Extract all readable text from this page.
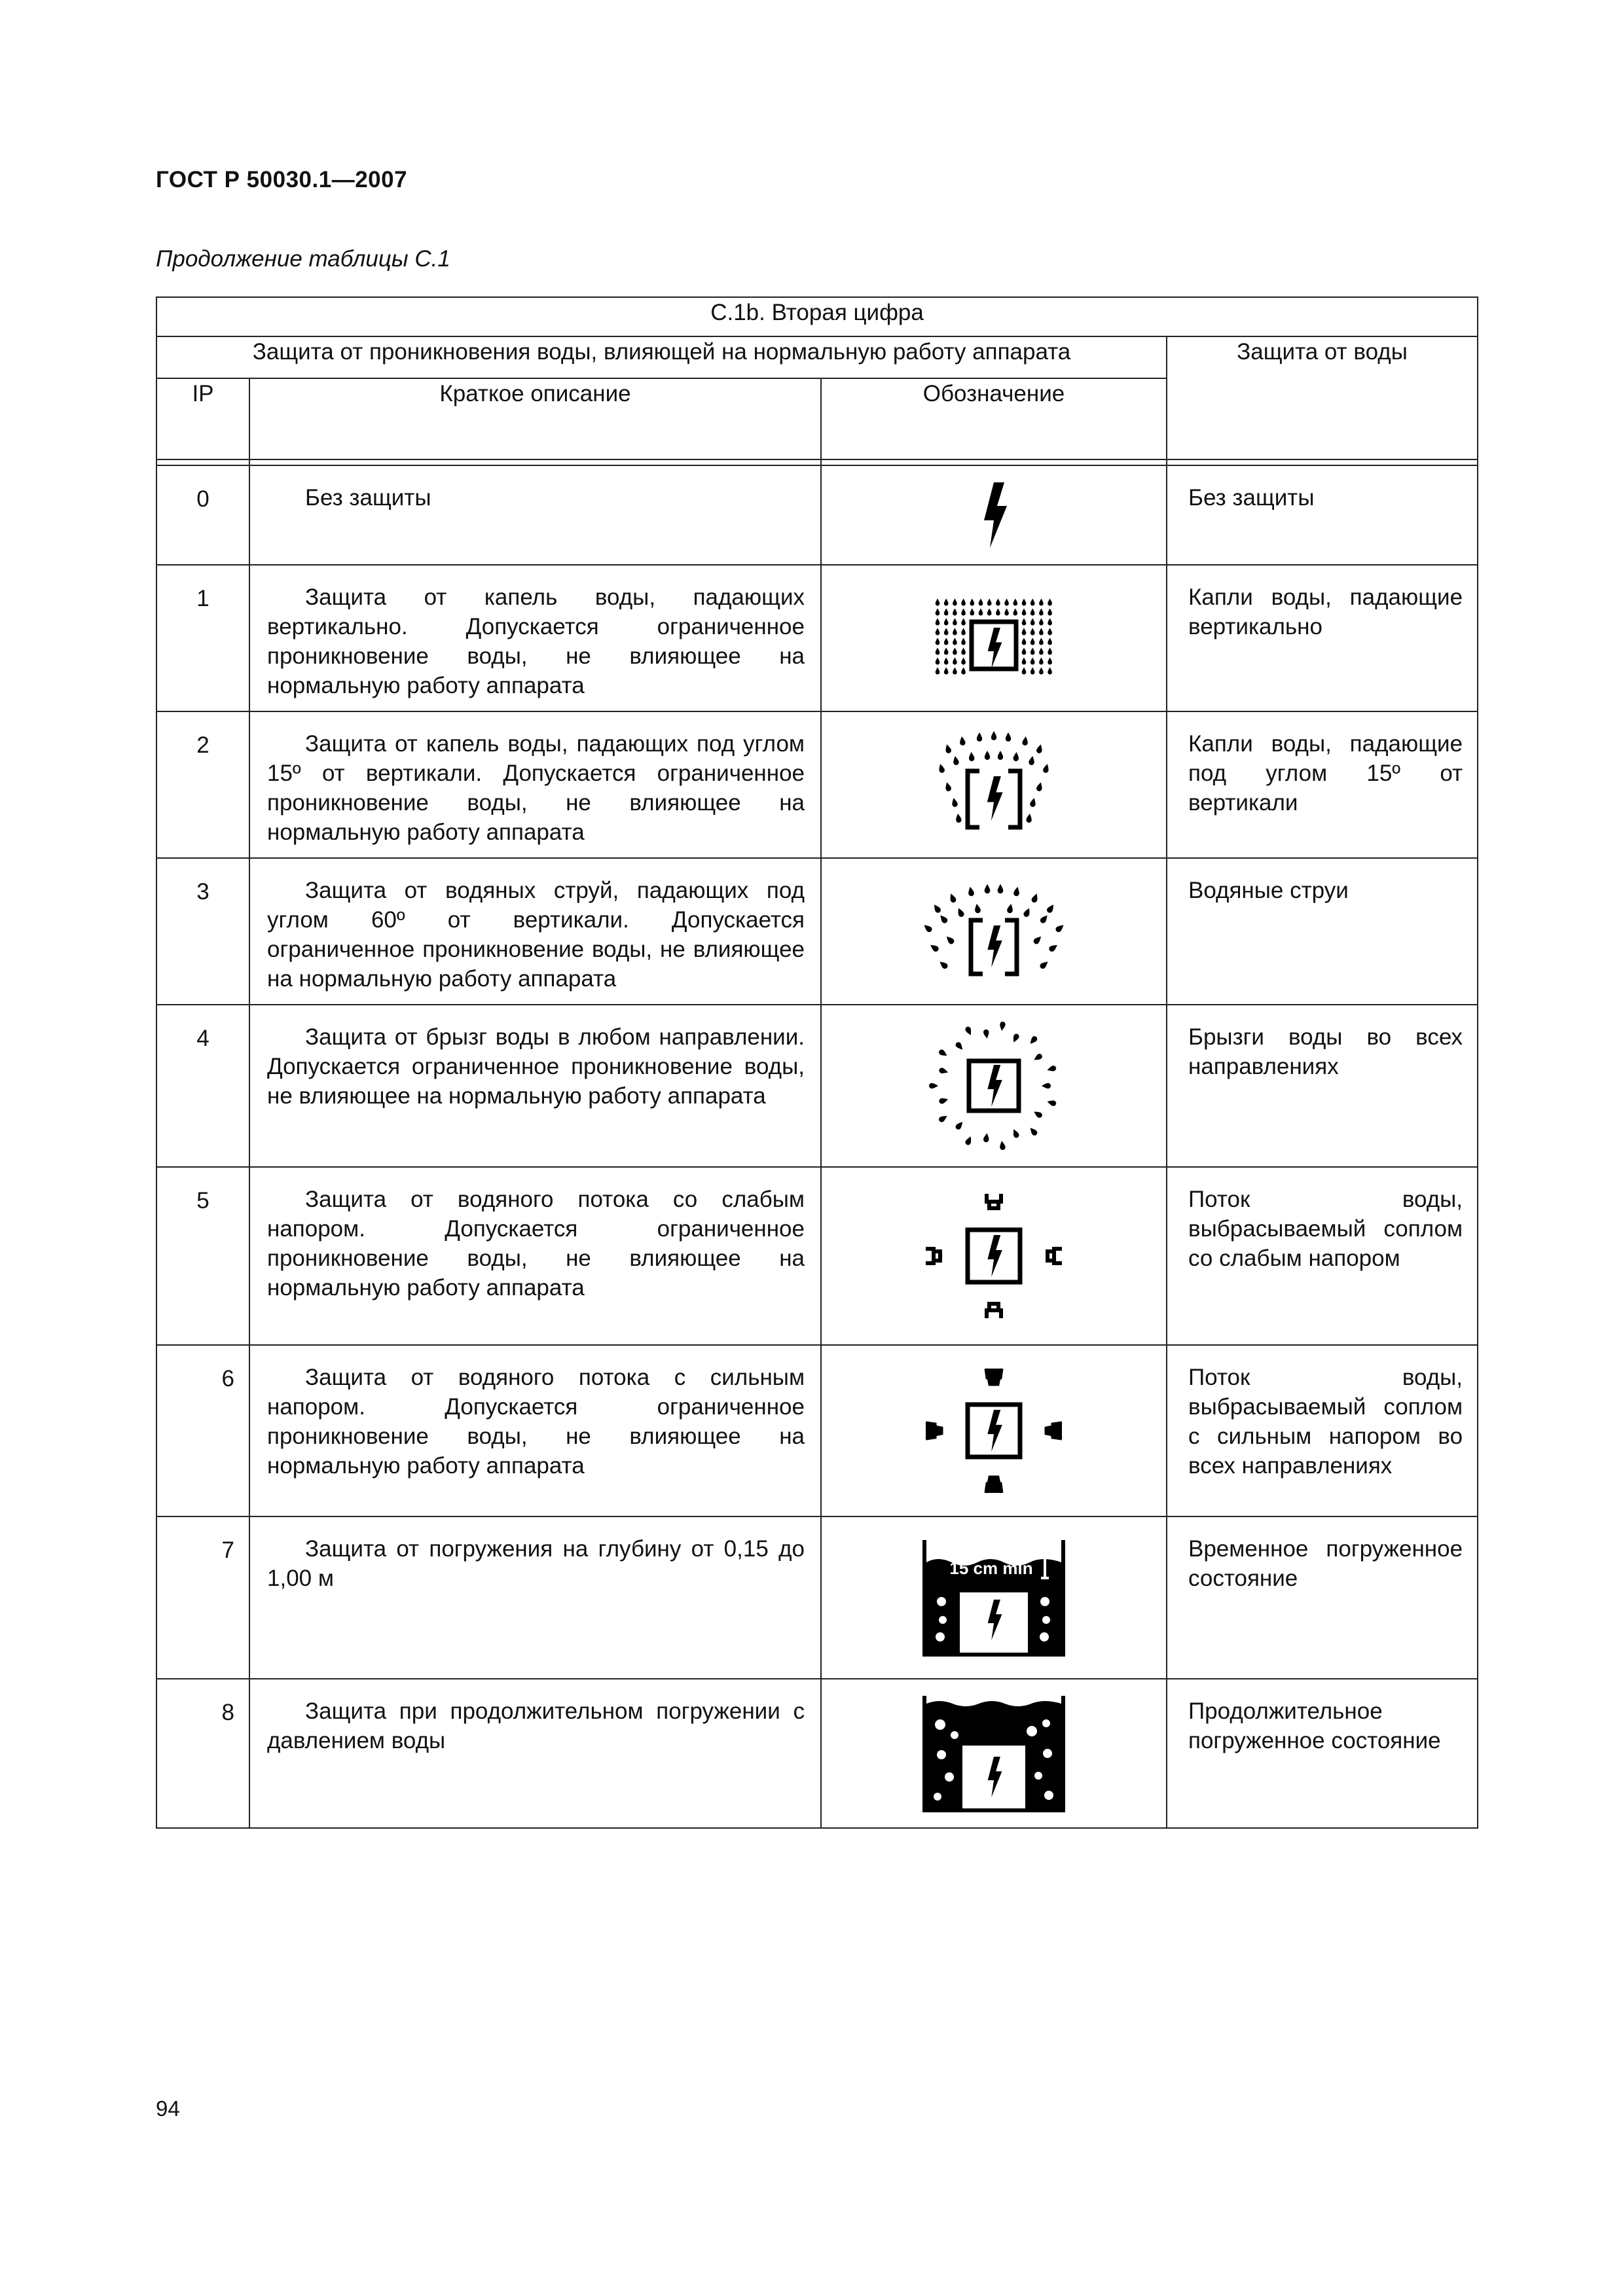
ГОСТ Р 50030.1—2007
Продолжение таблицы С.1
С.1b. Вторая цифра			
Защита от проникновения воды, влияющей на нормальную работу аппарата			Защита от воды
IP	Краткое описание	Обозначение	

0	Без защиты		Без защиты
1	Защита от капель воды, падающих вертикально. Допускается ограниченное проникновение воды, не влияющее на нормальную работу аппарата		Капли воды, падающие вертикально
2	Защита от капель воды, падающих под углом 15º от вертикали. Допускается ограниченное проникновение воды, не влияющее на нормальную работу аппарата		Капли воды, падающие под углом 15º от вертикали
3	Защита от водяных струй, падающих под углом 60º от вертикали. Допускается ограниченное проникновение воды, не влияющее на нормальную работу аппарата		Водяные струи
4	Защита от брызг воды в любом направлении. Допускается ограниченное проникновение воды, не влияющее на нормальную работу аппарата		Брызги воды во всех направлениях
5	Защита от водяного потока со слабым напором. Допускается ограниченное проникновение воды, не влияющее на нормальную работу аппарата		Поток воды, выбрасываемый соплом со слабым напором
6	Защита от водяного потока с сильным напором. Допускается ограниченное проникновение воды, не влияющее на нормальную работу аппарата		Поток воды, выбрасываемый соплом с сильным напором во всех направлениях
7	Защита от погружения на глубину от 0,15 до 1,00 м	15 cm min	Временное погруженное состояние
8	Защита при продолжительном погружении с давлением воды		Продолжительное погруженное состояние
94
